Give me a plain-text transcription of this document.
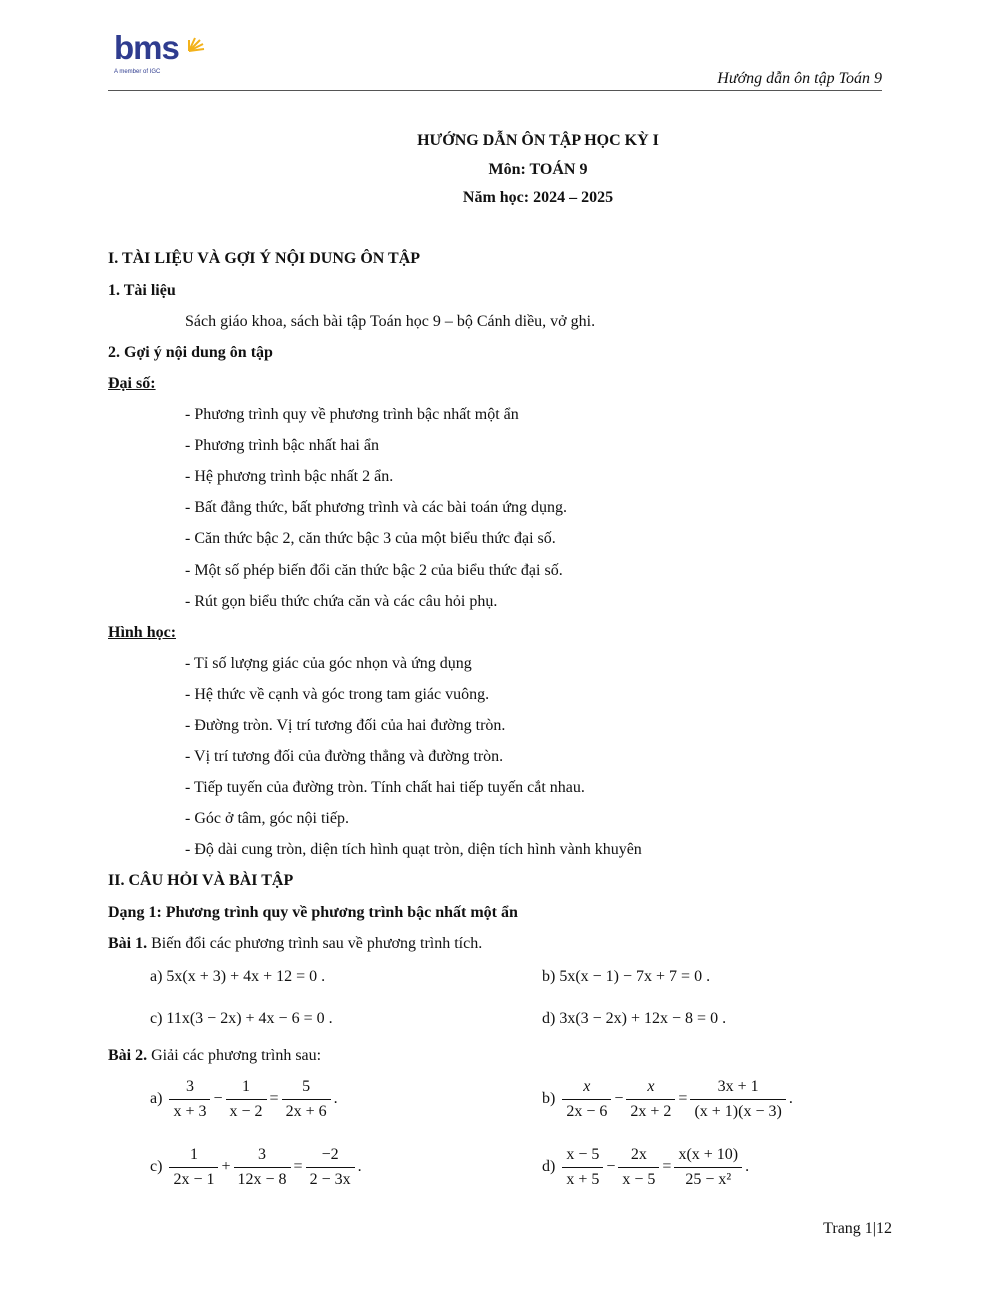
bms
A member of IGC	Hướng dẫn ôn tập Toán 9
HƯỚNG DẪN ÔN TẬP HỌC KỲ I
Môn: TOÁN 9
Năm học: 2024 – 2025
I. TÀI LIỆU VÀ GỢI Ý NỘI DUNG ÔN TẬP
1. Tài liệu
Sách giáo khoa, sách bài tập Toán học 9 – bộ Cánh diều, vở ghi.
2. Gợi ý nội dung ôn tập
Đại số:
- Phương trình quy về phương trình bậc nhất một ẩn
- Phương trình bậc nhất hai ẩn
- Hệ phương trình bậc nhất 2 ẩn.
- Bất đẳng thức, bất phương trình và các bài toán ứng dụng.
- Căn thức bậc 2, căn thức bậc 3 của một biểu thức đại số.
- Một số phép biến đổi căn thức bậc 2 của biểu thức đại số.
- Rút gọn biểu thức chứa căn và các câu hỏi phụ.
Hình học:
- Tỉ số lượng giác của góc nhọn và ứng dụng
- Hệ thức về cạnh và góc trong tam giác vuông.
- Đường tròn. Vị trí tương đối của hai đường tròn.
- Vị trí tương đối của đường thẳng và đường tròn.
- Tiếp tuyến của đường tròn. Tính chất hai tiếp tuyến cắt nhau.
- Góc ở tâm, góc nội tiếp.
- Độ dài cung tròn, diện tích hình quạt tròn, diện tích hình vành khuyên
II. CÂU HỎI VÀ BÀI TẬP
Dạng 1: Phương trình quy về phương trình bậc nhất một ẩn
Bài 1. Biến đổi các phương trình sau về phương trình tích.
a) 5x(x + 3) + 4x + 12 = 0 .	b) 5x(x − 1) − 7x + 7 = 0 .
c) 11x(3 − 2x) + 4x − 6 = 0 .	d) 3x(3 − 2x) + 12x − 8 = 0 .
Bài 2. Giải các phương trình sau:
$a) \frac{3}{x + 3} - \frac{1}{x - 2} = \frac{5}{2x + 6}$ .	$b) \frac{x}{2x - 6} - \frac{x}{2x + 2} = \frac{3x + 1}{(x + 1)(x - 3)}$ .
$c) \frac{1}{2x - 1} + \frac{3}{12x - 8} = \frac{-2}{2 - 3x}$ .	$d) \frac{x - 5}{x + 5} - \frac{2x}{x - 5} = \frac{x(x + 10)}{\text{25 − x²}}$ .
Trang 1|12
